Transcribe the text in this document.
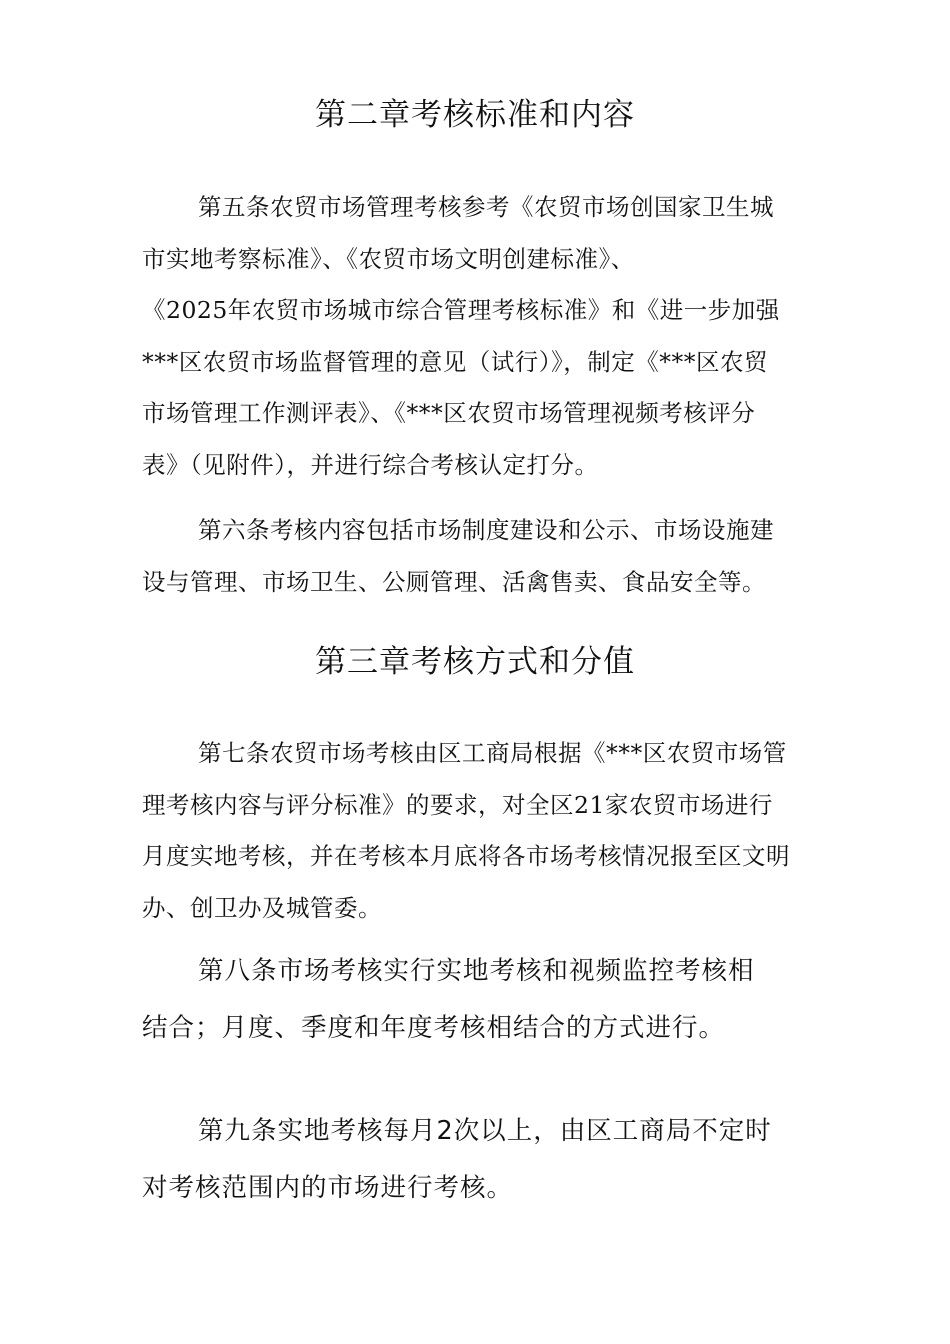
第二章考核标准和内容
第五条农贸市场管理考核参考《农贸市场创国家卫生城
市实地考察标准》、《农贸市场文明创建标准》、
《2025年农贸市场城市综合管理考核标准》和《进一步加强
***区农贸市场监督管理的意见（试行）》，制定《***区农贸
市场管理工作测评表》、《***区农贸市场管理视频考核评分
表》（见附件），并进行综合考核认定打分。
第六条考核内容包括市场制度建设和公示、市场设施建
设与管理、市场卫生、公厕管理、活禽售卖、食品安全等。
第三章考核方式和分值
第七条农贸市场考核由区工商局根据《***区农贸市场管
理考核内容与评分标准》的要求，对全区21家农贸市场进行
月度实地考核，并在考核本月底将各市场考核情况报至区文明
办、创卫办及城管委。
第八条市场考核实行实地考核和视频监控考核相
结合；月度、季度和年度考核相结合的方式进行。
第九条实地考核每月2次以上，由区工商局不定时
对考核范围内的市场进行考核。
